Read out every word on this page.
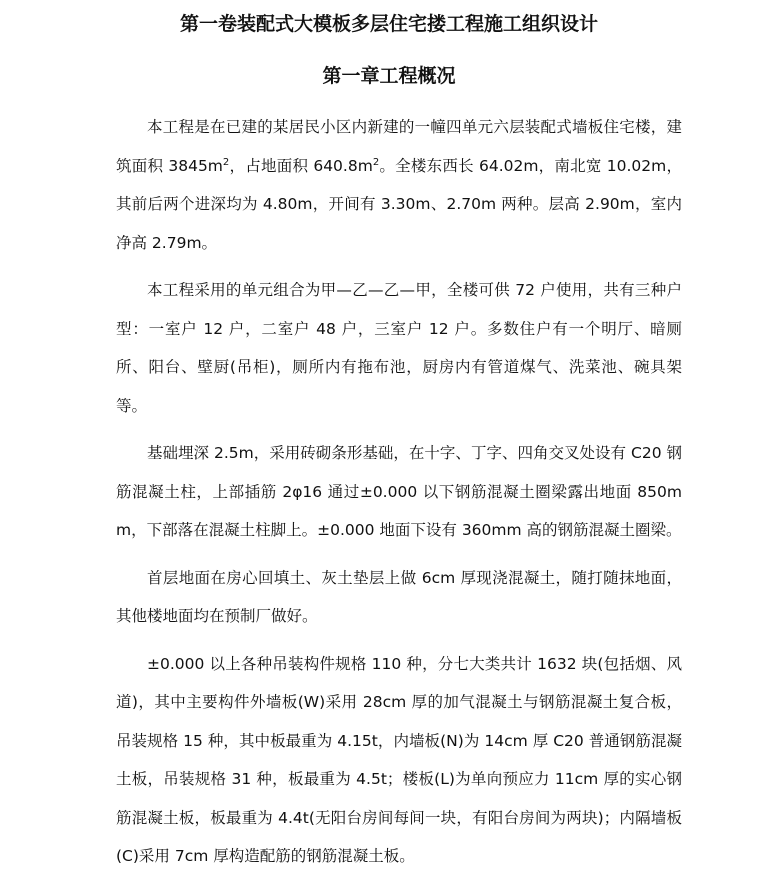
第一卷装配式大模板多层住宅搂工程施工组织设计
第一章工程概况

本工程是在已建的某居民小区内新建的一幢四单元六层装配式墙板住宅楼，建筑面积 $3845m^2$，占地面积 $640.8m^2$。全楼东西长 64.02m，南北宽 10.02m，其前后两个进深均为 4.80m，开间有 3.30m、2.70m 两种。层高 2.90m，室内净高 2.79m。

本工程采用的单元组合为甲—乙—乙—甲，全楼可供 72 户使用，共有三种户型：一室户 12 户，二室户 48 户，三室户 12 户。多数住户有一个明厅、暗厕所、阳台、壁厨(吊柜)，厕所内有拖布池，厨房内有管道煤气、洗菜池、碗具架等。

基础埋深 2.5m，采用砖砌条形基础，在十字、丁字、四角交叉处设有 C20 钢筋混凝土柱，上部插筋 2φ16 通过±0.000 以下钢筋混凝土圈梁露出地面 850mm，下部落在混凝土柱脚上。±0.000 地面下设有 360mm 高的钢筋混凝土圈梁。

首层地面在房心回填土、灰土垫层上做 6cm 厚现浇混凝土，随打随抹地面，其他楼地面均在预制厂做好。

±0.000 以上各种吊装构件规格 110 种，分七大类共计 1632 块(包括烟、风道)，其中主要构件外墙板(W)采用 28cm 厚的加气混凝土与钢筋混凝土复合板，吊装规格 15 种，其中板最重为 4.15t，内墙板(N)为 14cm 厚 C20 普通钢筋混凝土板，吊装规格 31 种，板最重为 4.5t；楼板(L)为单向预应力 11cm 厚的实心钢筋混凝土板，板最重为 4.4t(无阳台房间每间一块，有阳台房间为两块)；内隔墙板(C)采用 7cm 厚构造配筋的钢筋混凝土板。
